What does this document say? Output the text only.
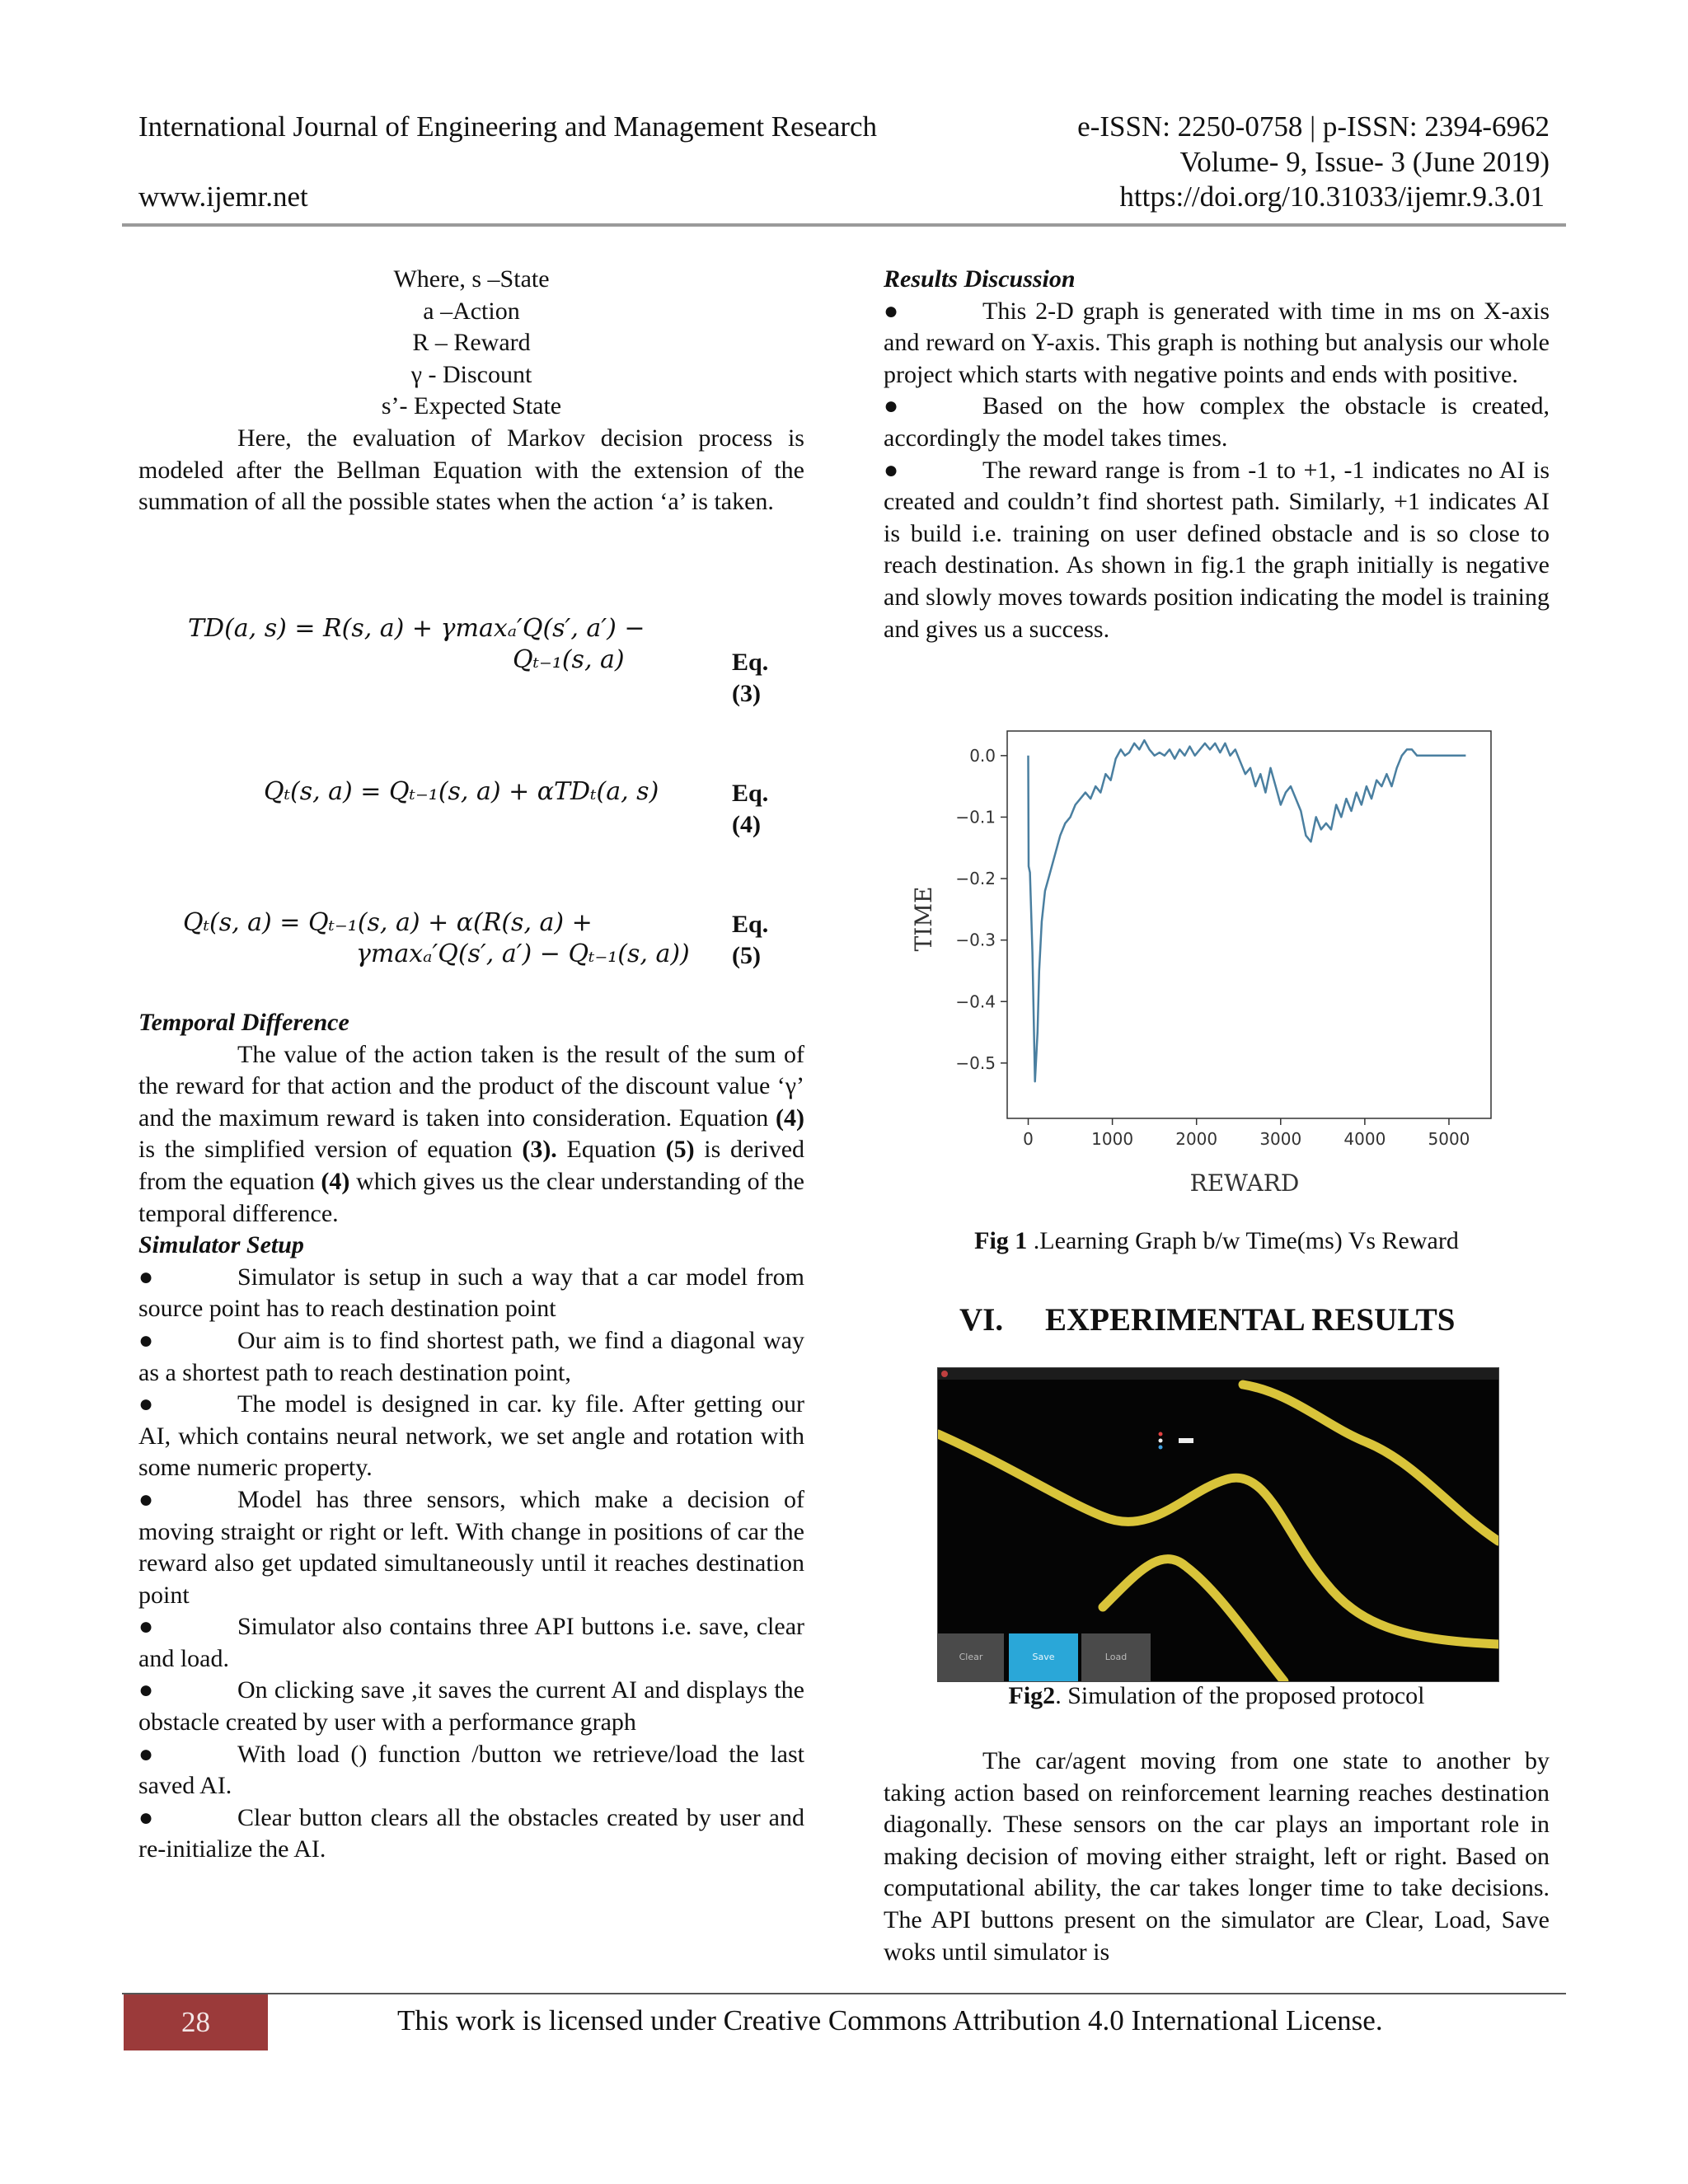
International Journal of Engineering and Management Research	e-ISSN: 2250-0758 | p-ISSN: 2394-6962
Volume- 9, Issue- 3 (June 2019)
www.ijemr.net	https://doi.org/10.31033/ijemr.9.3.01

Where, s –State

a –Action

R – Reward

γ - Discount

s’- Expected State

Here, the evaluation of Markov decision process is modeled after the Bellman Equation with the extension of the summation of all the possible states when the action ‘a’ is taken.

TD(a, s) = R(s, a) + γmaxₐ′Q(s′, a′) −
Qₜ₋₁(s, a)	Eq.
(3)
Qₜ(s, a) = Qₜ₋₁(s, a) + αTDₜ(a, s)	Eq.
(4)
Qₜ(s, a) = Qₜ₋₁(s, a) + α(R(s, a) +
γmaxₐ′Q(s′, a′) − Qₜ₋₁(s, a))
Eq.
(5)

Temporal Difference

The value of the action taken is the result of the sum of the reward for that action and the product of the discount value ‘γ’ and the maximum reward is taken into consideration. Equation (4) is the simplified version of equation (3). Equation (5) is derived from the equation (4) which gives us the clear understanding of the temporal difference.

Simulator Setup

●	Simulator is setup in such a way that a car model from source point has to reach destination point

●	Our aim is to find shortest path, we find a diagonal way as a shortest path to reach destination point,

●	The model is designed in car. ky file. After getting our AI, which contains neural network, we set angle and rotation with some numeric property.

●	Model has three sensors, which make a decision of moving straight or right or left. With change in positions of car the reward also get updated simultaneously until it reaches destination point

●	Simulator also contains three API buttons i.e. save, clear and load.

●	On clicking save ,it saves the current AI and displays the obstacle created by user with a performance graph

●	With load () function /button we retrieve/load the last saved AI.

●	Clear button clears all the obstacles created by user and re-initialize the AI.

Results Discussion

●	This 2-D graph is generated with time in ms on X-axis and reward on Y-axis. This graph is nothing but analysis our whole project which starts with negative points and ends with positive.

●	Based on the how complex the obstacle is created, accordingly the model takes times.

●	The reward range is from -1 to +1, -1 indicates no AI is created and couldn’t find shortest path. Similarly, +1 indicates AI is build i.e. training on user defined obstacle and is so close to reach destination. As shown in fig.1 the graph initially is negative and slowly moves towards position indicating the model is training and gives us a success.

0.0
−0.1
−0.2
−0.3
−0.4
−0.5
0	1000	2000	3000	4000	5000
TIME
REWARD
Fig 1 .Learning Graph b/w Time(ms) Vs Reward
VI. EXPERIMENTAL RESULTS
Clear	Save	Load
Fig2. Simulation of the proposed protocol

The car/agent moving from one state to another by taking action based on reinforcement learning reaches destination diagonally. These sensors on the car plays an important role in making decision of moving either straight, left or right. Based on computational ability, the car takes longer time to take decisions. The API buttons present on the simulator are Clear, Load, Save woks until simulator is

28	This work is licensed under Creative Commons Attribution 4.0 International License.
